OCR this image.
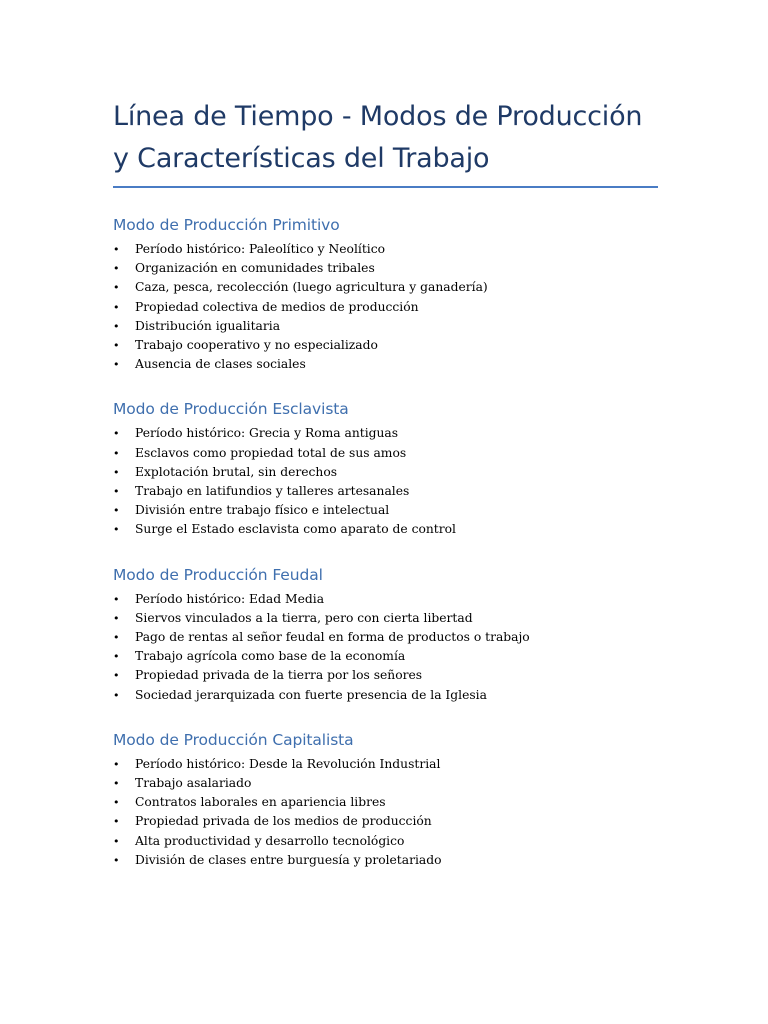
Línea de Tiempo - Modos de Producción y Características del Trabajo
Modo de Producción Primitivo
• Período histórico: Paleolítico y Neolítico
• Organización en comunidades tribales
• Caza, pesca, recolección (luego agricultura y ganadería)
• Propiedad colectiva de medios de producción
• Distribución igualitaria
• Trabajo cooperativo y no especializado
• Ausencia de clases sociales
Modo de Producción Esclavista
• Período histórico: Grecia y Roma antiguas
• Esclavos como propiedad total de sus amos
• Explotación brutal, sin derechos
• Trabajo en latifundios y talleres artesanales
• División entre trabajo físico e intelectual
• Surge el Estado esclavista como aparato de control
Modo de Producción Feudal
• Período histórico: Edad Media
• Siervos vinculados a la tierra, pero con cierta libertad
• Pago de rentas al señor feudal en forma de productos o trabajo
• Trabajo agrícola como base de la economía
• Propiedad privada de la tierra por los señores
• Sociedad jerarquizada con fuerte presencia de la Iglesia
Modo de Producción Capitalista
• Período histórico: Desde la Revolución Industrial
• Trabajo asalariado
• Contratos laborales en apariencia libres
• Propiedad privada de los medios de producción
• Alta productividad y desarrollo tecnológico
• División de clases entre burguesía y proletariado
